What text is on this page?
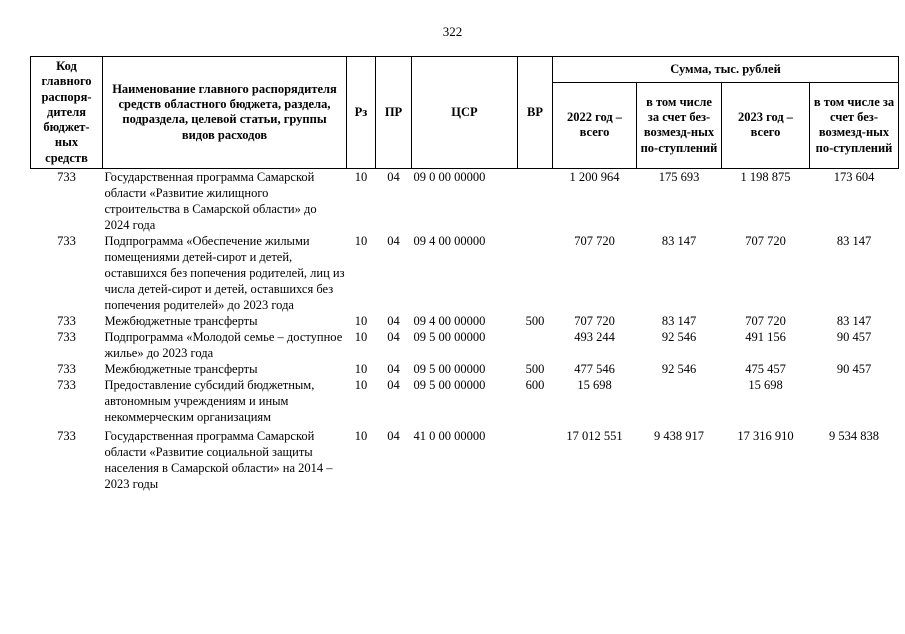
322
Код главного распоря-дителя бюджет-ных средств	Наименование главного распорядителя средств областного бюджета, раздела, подраздела, целевой статьи, группы видов расходов	Рз	ПР	ЦСР	ВР	Сумма, тыс. рублей			
						2022 год – всего	в том числе за счет без-возмезд-ных по-ступлений	2023 год – всего	в том числе за счет без-возмезд-ных по-ступлений
733	Государственная программа Самарской области «Развитие жилищного строительства в Самарской области» до 2024 года	10	04	09 0 00 00000		1 200 964	175 693	1 198 875	173 604
733	Подпрограмма «Обеспечение жилыми помещениями детей-сирот и детей, оставшихся без попечения родителей, лиц из числа детей-сирот и детей, оставшихся без попечения родителей» до 2023 года	10	04	09 4 00 00000		707 720	83 147	707 720	83 147
733	Межбюджетные трансферты	10	04	09 4 00 00000	500	707 720	83 147	707 720	83 147
733	Подпрограмма «Молодой семье – доступное жилье» до 2023 года	10	04	09 5 00 00000		493 244	92 546	491 156	90 457
733	Межбюджетные трансферты	10	04	09 5 00 00000	500	477 546	92 546	475 457	90 457
733	Предоставление субсидий бюджетным, автономным учреждениям и иным некоммерческим организациям	10	04	09 5 00 00000	600	15 698		15 698	

733	Государственная программа Самарской области «Развитие социальной защиты населения в Самарской области» на 2014 – 2023 годы	10	04	41 0 00 00000		17 012 551	9 438 917	17 316 910	9 534 838
